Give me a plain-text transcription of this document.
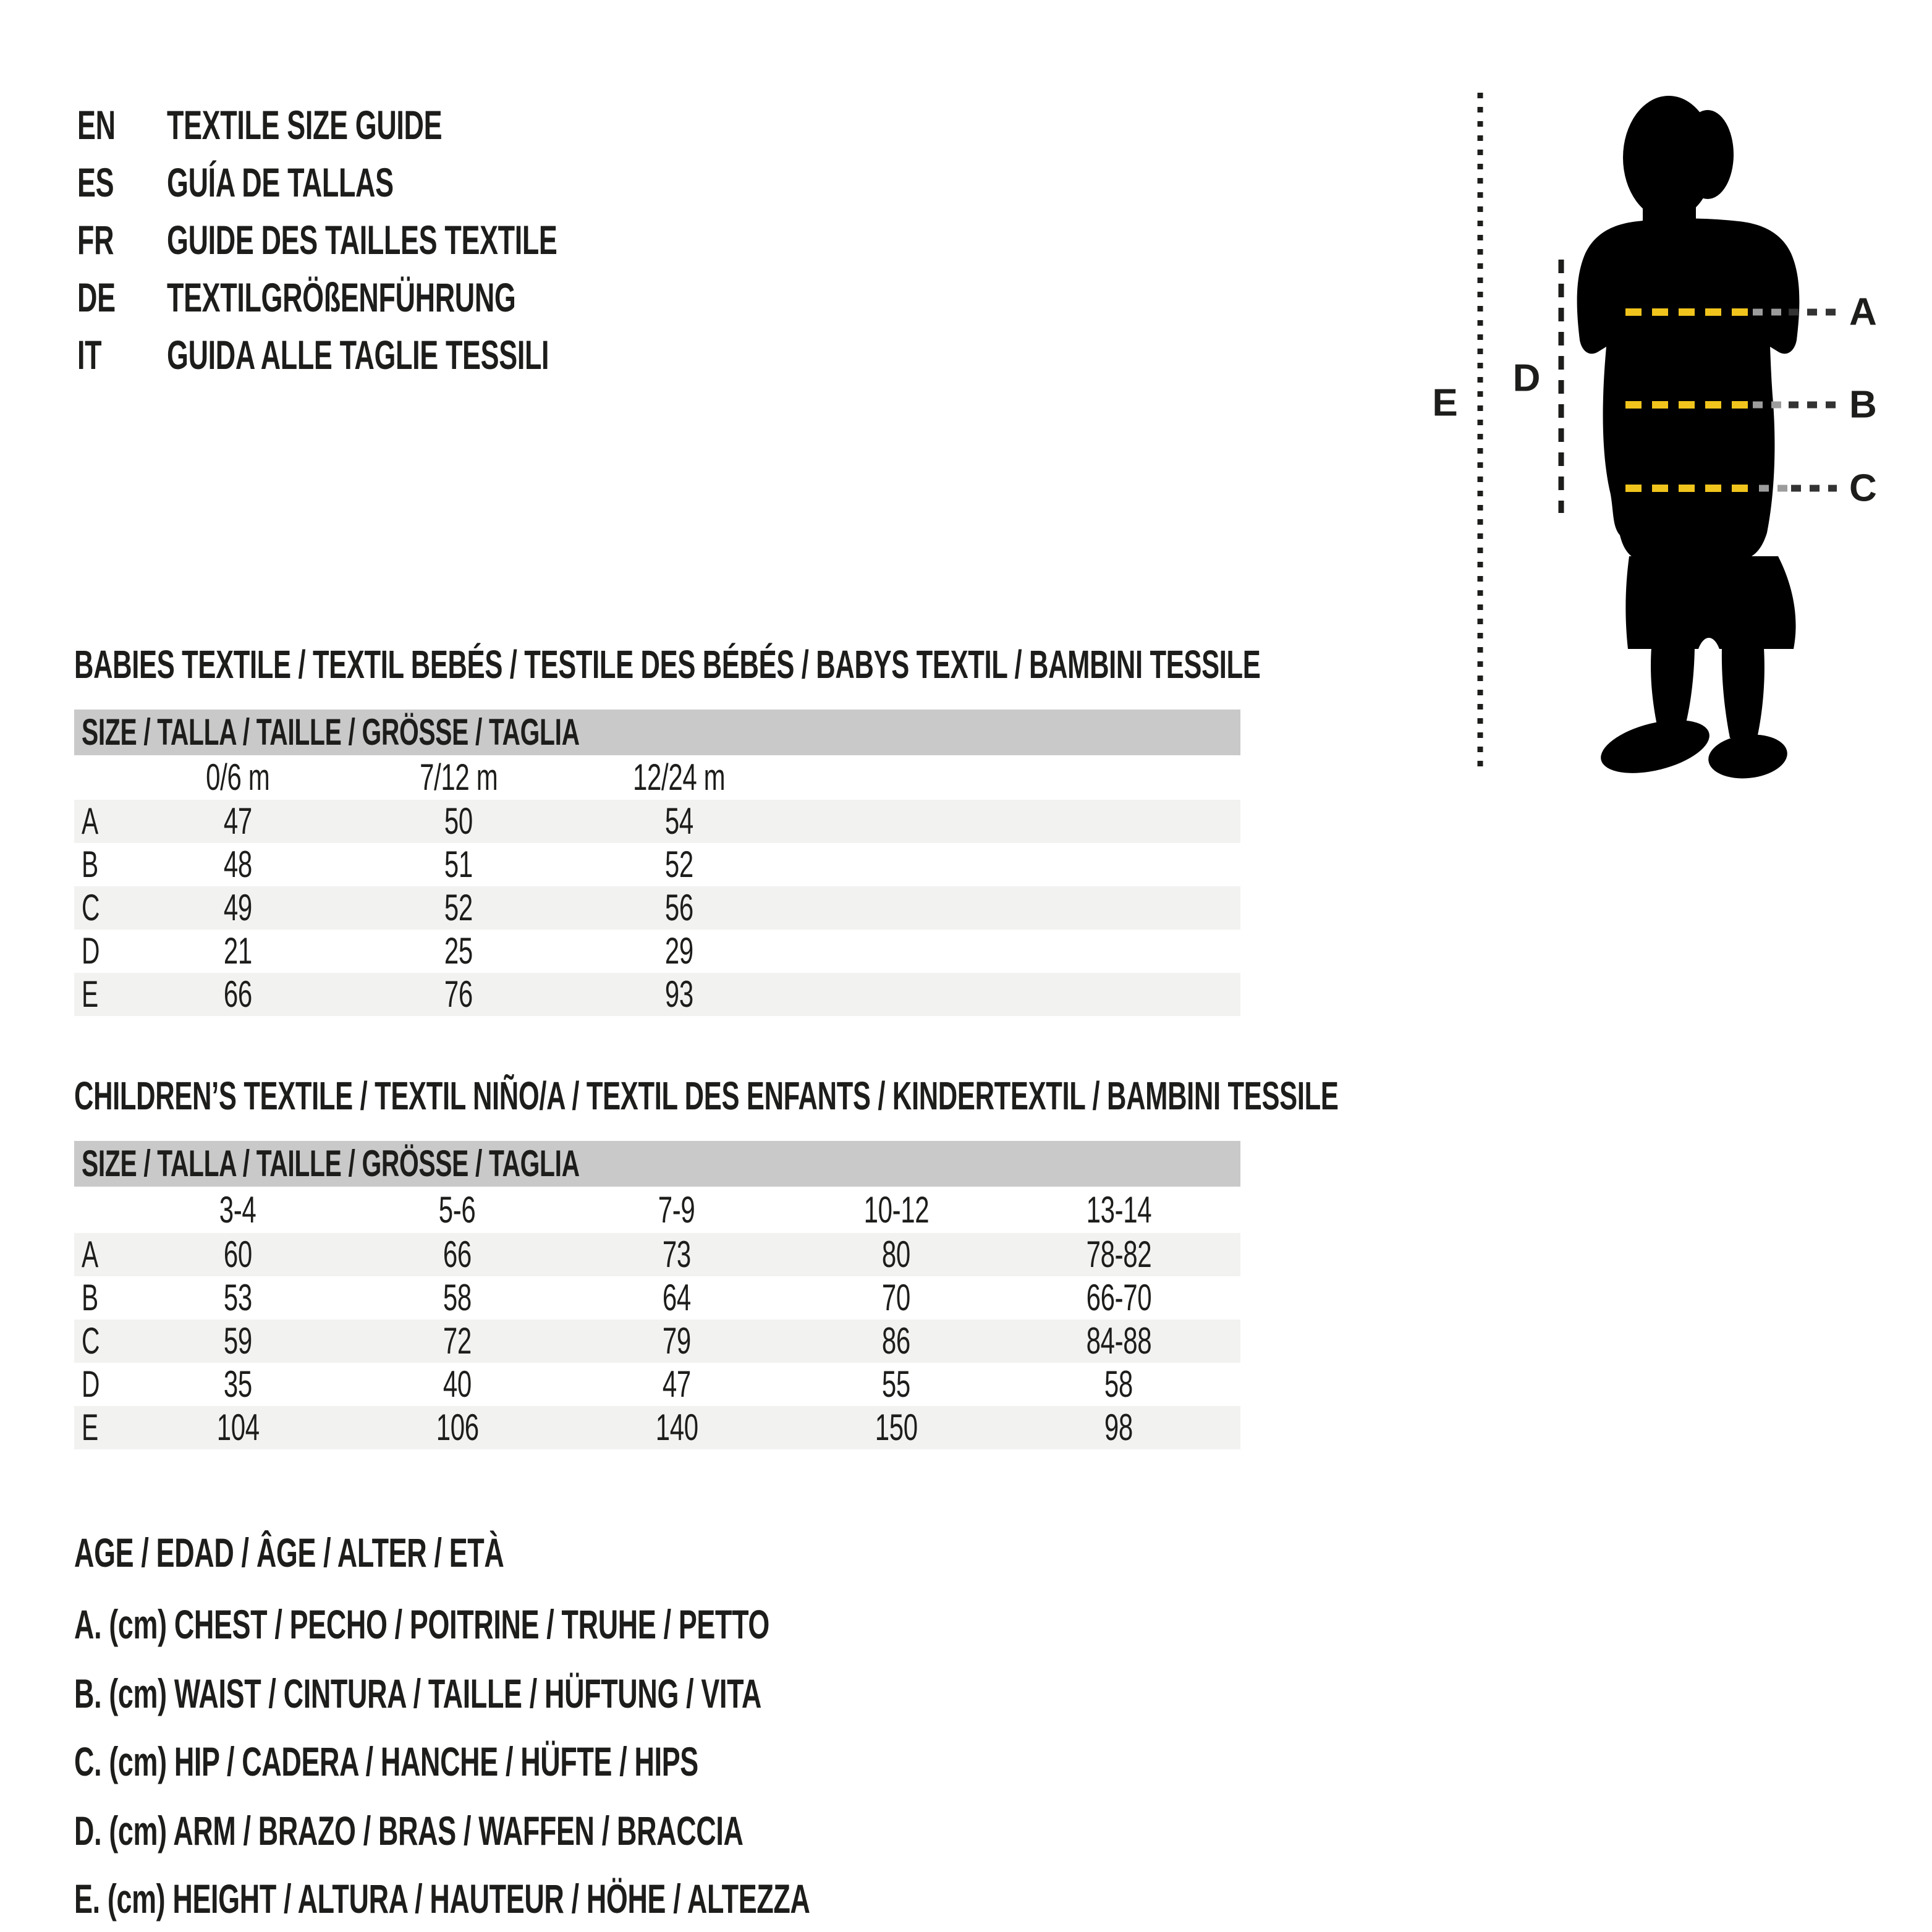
EN	TEXTILE SIZE GUIDE
ES	GUÍA DE TALLAS
FR	GUIDE DES TAILLES TEXTILE
DE	TEXTILGRÖßENFÜHRUNG
IT GUIDA ALLE TAGLIE TESSILI
A
B
C
D
E
BABIES TEXTILE / TEXTIL BEBÉS / TESTILE DES BÉBÉS / BABYS TEXTIL / BAMBINI TESSILE
SIZE / TALLA / TAILLE / GRÖSSE / TAGLIA
0/6 m	7/12 m	12/24 m
A	47	50	54
B	48	51	52
C	49	52	56
D	21	25	29
E	66	76	93
CHILDREN’S TEXTILE / TEXTIL NIÑO/A / TEXTIL DES ENFANTS / KINDERTEXTIL / BAMBINI TESSILE
SIZE / TALLA / TAILLE / GRÖSSE / TAGLIA
3-4	5-6	7-9	10-12	13-14
A	60	66	73	80	78-82
B	53	58	64	70	66-70
C	59	72	79	86	84-88
D	35	40	47	55	58
E	104	106	140	150	98
AGE / EDAD / ÂGE / ALTER / ETÀ
A. (cm) CHEST / PECHO / POITRINE / TRUHE / PETTO
B. (cm) WAIST / CINTURA / TAILLE / HÜFTUNG / VITA
C. (cm) HIP / CADERA / HANCHE / HÜFTE / HIPS
D. (cm) ARM / BRAZO / BRAS / WAFFEN / BRACCIA
E. (cm) HEIGHT / ALTURA / HAUTEUR / HÖHE / ALTEZZA
